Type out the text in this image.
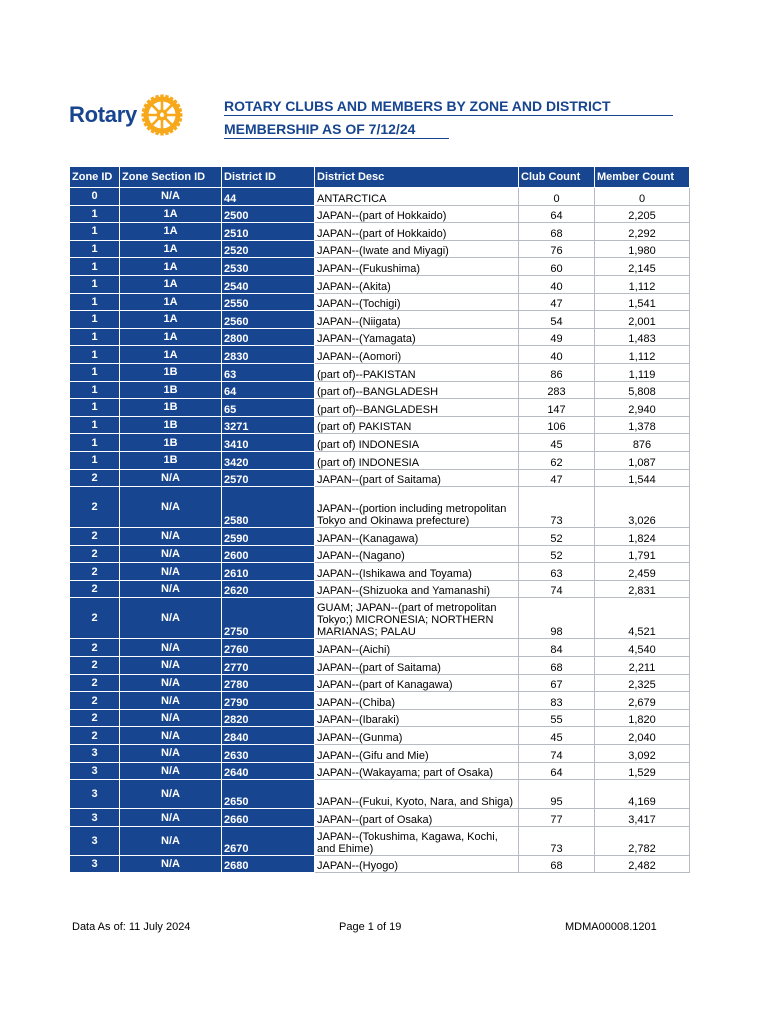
Rotary	ROTARY CLUBS AND MEMBERS BY ZONE AND DISTRICT
MEMBERSHIP AS OF 7/12/24
Zone ID	Zone Section ID	District ID	District Desc	Club Count	Member Count
0	N/A	44	ANTARCTICA	0	0
1	1A	2500	JAPAN--(part of Hokkaido)	64	2,205
1	1A	2510	JAPAN--(part of Hokkaido)	68	2,292
1	1A	2520	JAPAN--(Iwate and Miyagi)	76	1,980
1	1A	2530	JAPAN--(Fukushima)	60	2,145
1	1A	2540	JAPAN--(Akita)	40	1,112
1	1A	2550	JAPAN--(Tochigi)	47	1,541
1	1A	2560	JAPAN--(Niigata)	54	2,001
1	1A	2800	JAPAN--(Yamagata)	49	1,483
1	1A	2830	JAPAN--(Aomori)	40	1,112
1	1B	63	(part of)--PAKISTAN	86	1,119
1	1B	64	(part of)--BANGLADESH	283	5,808
1	1B	65	(part of)--BANGLADESH	147	2,940
1	1B	3271	(part of) PAKISTAN	106	1,378
1	1B	3410	(part of) INDONESIA	45	876
1	1B	3420	(part of) INDONESIA	62	1,087
2	N/A	2570	JAPAN--(part of Saitama)	47	1,544
2	N/A	2580	JAPAN--(portion including metropolitan Tokyo and Okinawa prefecture)	73	3,026
2	N/A	2590	JAPAN--(Kanagawa)	52	1,824
2	N/A	2600	JAPAN--(Nagano)	52	1,791
2	N/A	2610	JAPAN--(Ishikawa and Toyama)	63	2,459
2	N/A	2620	JAPAN--(Shizuoka and Yamanashi)	74	2,831
2	N/A	2750	GUAM; JAPAN--(part of metropolitan Tokyo;) MICRONESIA; NORTHERN MARIANAS; PALAU	98	4,521
2	N/A	2760	JAPAN--(Aichi)	84	4,540
2	N/A	2770	JAPAN--(part of Saitama)	68	2,211
2	N/A	2780	JAPAN--(part of Kanagawa)	67	2,325
2	N/A	2790	JAPAN--(Chiba)	83	2,679
2	N/A	2820	JAPAN--(Ibaraki)	55	1,820
2	N/A	2840	JAPAN--(Gunma)	45	2,040
3	N/A	2630	JAPAN--(Gifu and Mie)	74	3,092
3	N/A	2640	JAPAN--(Wakayama; part of Osaka)	64	1,529
3	N/A	2650	JAPAN--(Fukui, Kyoto, Nara, and Shiga)	95	4,169
3	N/A	2660	JAPAN--(part of Osaka)	77	3,417
3	N/A	2670	JAPAN--(Tokushima, Kagawa, Kochi, and Ehime)	73	2,782
3	N/A	2680	JAPAN--(Hyogo)	68	2,482
Data As of: 11 July 2024	Page 1 of 19	MDMA00008.1201
